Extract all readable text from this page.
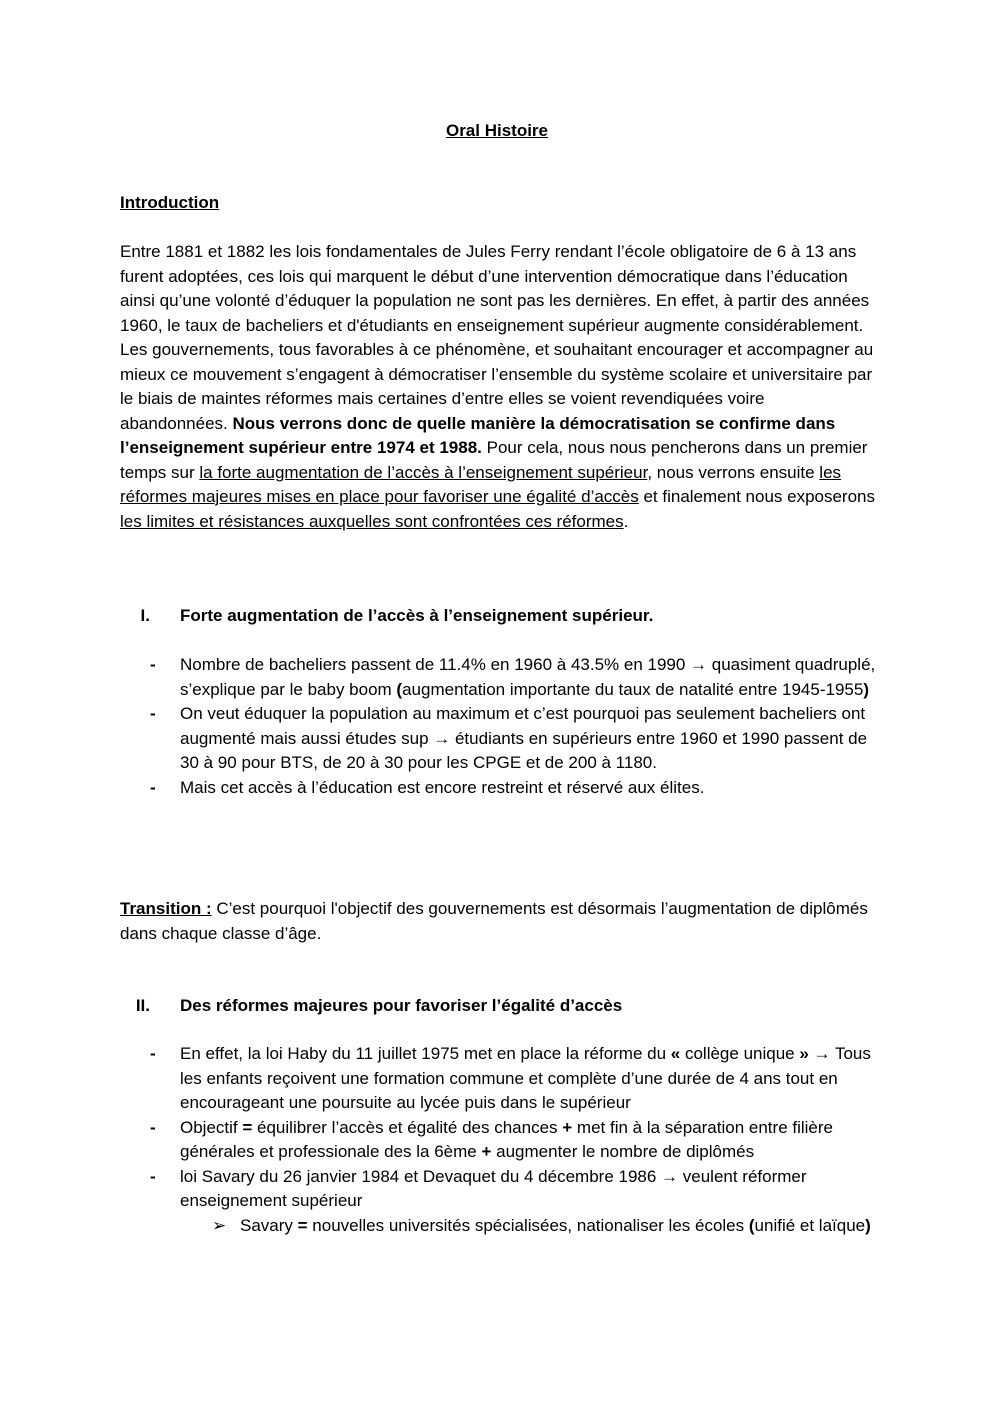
Oral Histoire
Introduction
Entre 1881 et 1882 les lois fondamentales de Jules Ferry rendant l’école obligatoire de 6 à 13 ans furent adoptées, ces lois qui marquent le début d’une intervention démocratique dans l’éducation ainsi qu’une volonté d’éduquer la population ne sont pas les dernières. En effet, à partir des années 1960, le taux de bacheliers et d'étudiants en enseignement supérieur augmente considérablement. Les gouvernements, tous favorables à ce phénomène, et souhaitant encourager et accompagner au mieux ce mouvement s’engagent à démocratiser l’ensemble du système scolaire et universitaire par le biais de maintes réformes mais certaines d’entre elles se voient revendiquées voire abandonnées. Nous verrons donc de quelle manière la démocratisation se confirme dans l’enseignement supérieur entre 1974 et 1988. Pour cela, nous nous pencherons dans un premier temps sur la forte augmentation de l’accès à l’enseignement supérieur, nous verrons ensuite les réformes majeures mises en place pour favoriser une égalité d’accès et finalement nous exposerons les limites et résistances auxquelles sont confrontées ces réformes.
I. Forte augmentation de l’accès à l’enseignement supérieur.
- Nombre de bacheliers passent de 11.4% en 1960 à 43.5% en 1990 → quasiment quadruplé, s’explique par le baby boom (augmentation importante du taux de natalité entre 1945-1955)
- On veut éduquer la population au maximum et c’est pourquoi pas seulement bacheliers ont augmenté mais aussi études sup → étudiants en supérieurs entre 1960 et 1990 passent de 30 à 90 pour BTS, de 20 à 30 pour les CPGE et de 200 à 1180.
- Mais cet accès à l’éducation est encore restreint et réservé aux élites.
Transition : C’est pourquoi l'objectif des gouvernements est désormais l’augmentation de diplômés dans chaque classe d’âge.
II. Des réformes majeures pour favoriser l’égalité d’accès
- En effet, la loi Haby du 11 juillet 1975 met en place la réforme du « collège unique » → Tous les enfants reçoivent une formation commune et complète d’une durée de 4 ans tout en encourageant une poursuite au lycée puis dans le supérieur
- Objectif = équilibrer l’accès et égalité des chances + met fin à la séparation entre filière générales et professionale des la 6ème + augmenter le nombre de diplômés
- loi Savary du 26 janvier 1984 et Devaquet du 4 décembre 1986 → veulent réformer enseignement supérieur
➢ Savary = nouvelles universités spécialisées, nationaliser les écoles (unifié et laïque)
